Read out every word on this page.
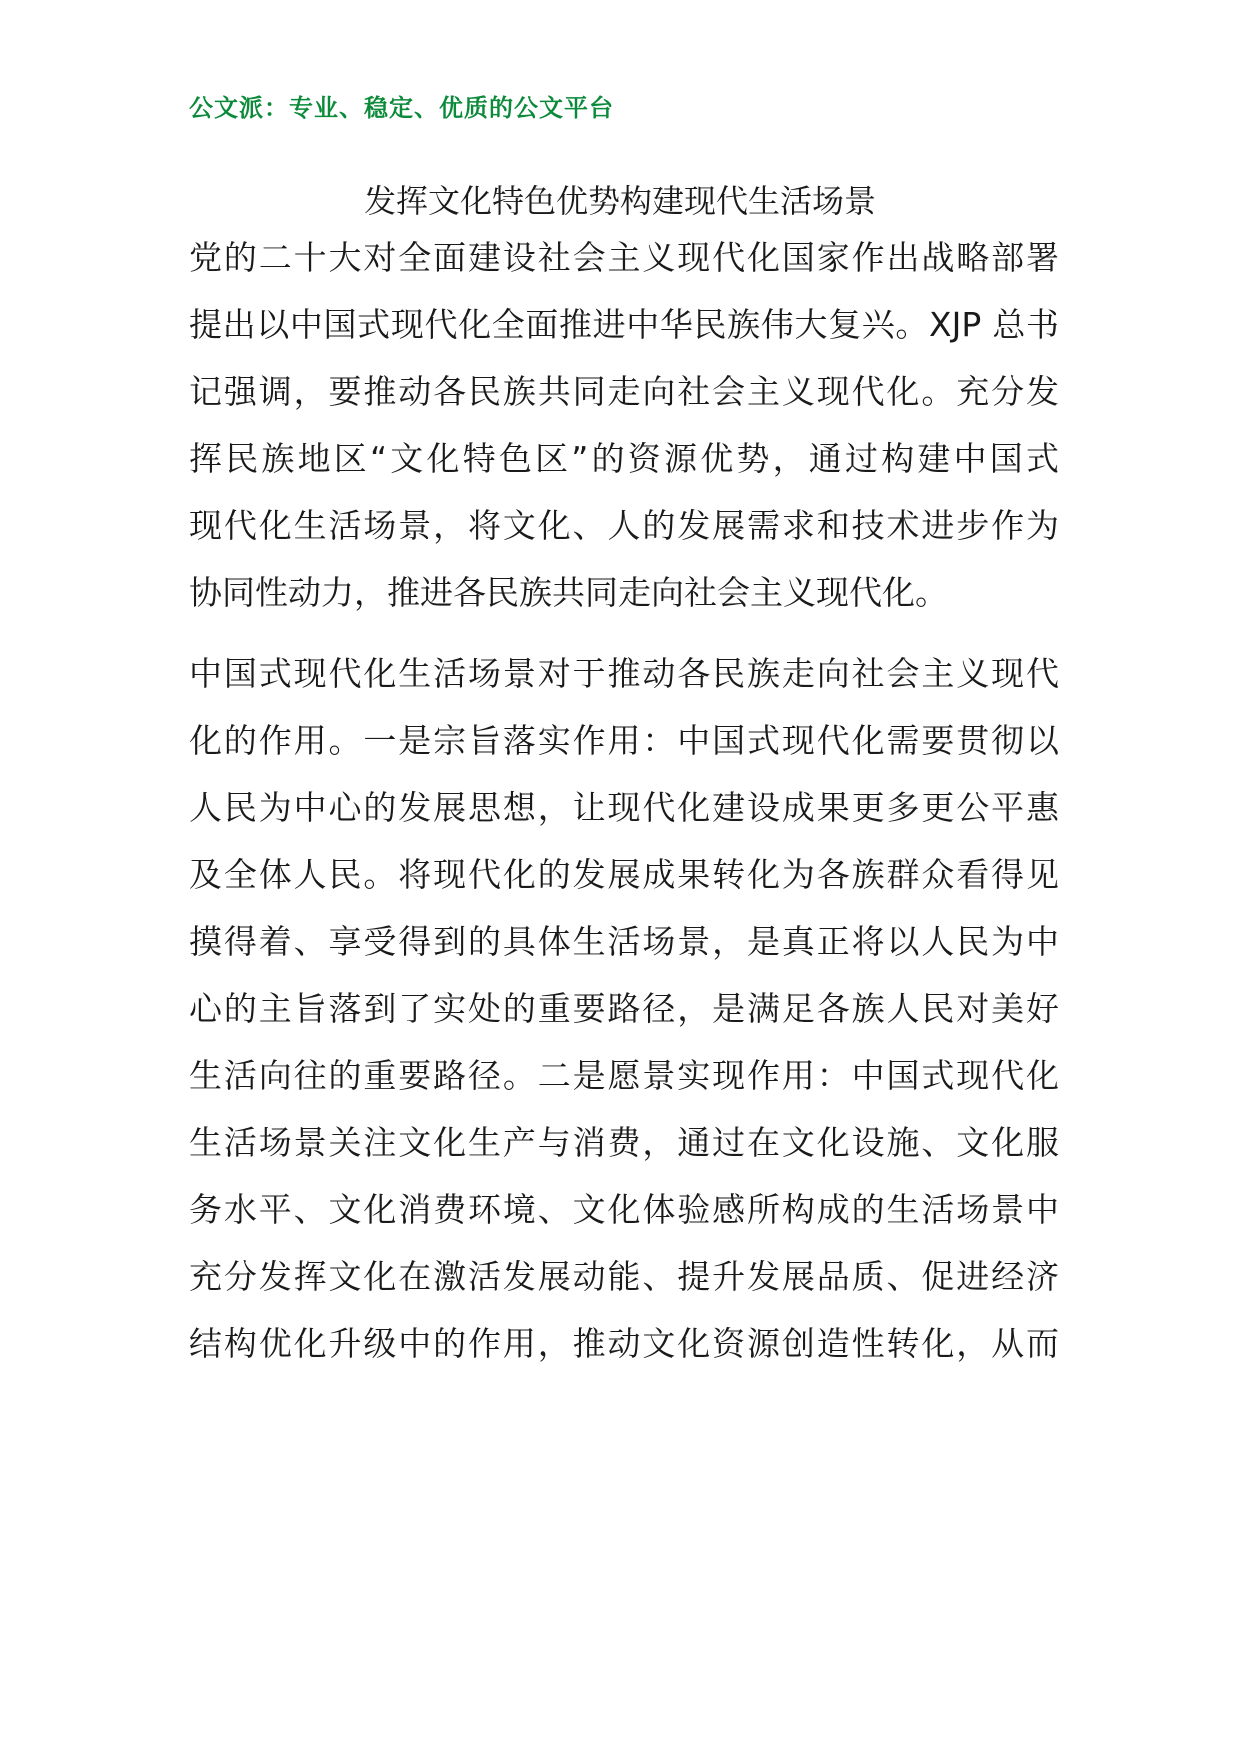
公文派：专业、稳定、优质的公文平台
发挥文化特色优势构建现代生活场景
党的二十大对全面建设社会主义现代化国家作出战略部署
提出以中国式现代化全面推进中华民族伟大复兴。XJP 总书
记强调，要推动各民族共同走向社会主义现代化。充分发
挥民族地区“文化特色区”的资源优势，通过构建中国式
现代化生活场景，将文化、人的发展需求和技术进步作为
协同性动力，推进各民族共同走向社会主义现代化。
中国式现代化生活场景对于推动各民族走向社会主义现代
化的作用。一是宗旨落实作用：中国式现代化需要贯彻以
人民为中心的发展思想，让现代化建设成果更多更公平惠
及全体人民。将现代化的发展成果转化为各族群众看得见
摸得着、享受得到的具体生活场景，是真正将以人民为中
心的主旨落到了实处的重要路径，是满足各族人民对美好
生活向往的重要路径。二是愿景实现作用：中国式现代化
生活场景关注文化生产与消费，通过在文化设施、文化服
务水平、文化消费环境、文化体验感所构成的生活场景中
充分发挥文化在激活发展动能、提升发展品质、促进经济
结构优化升级中的作用，推动文化资源创造性转化，从而
